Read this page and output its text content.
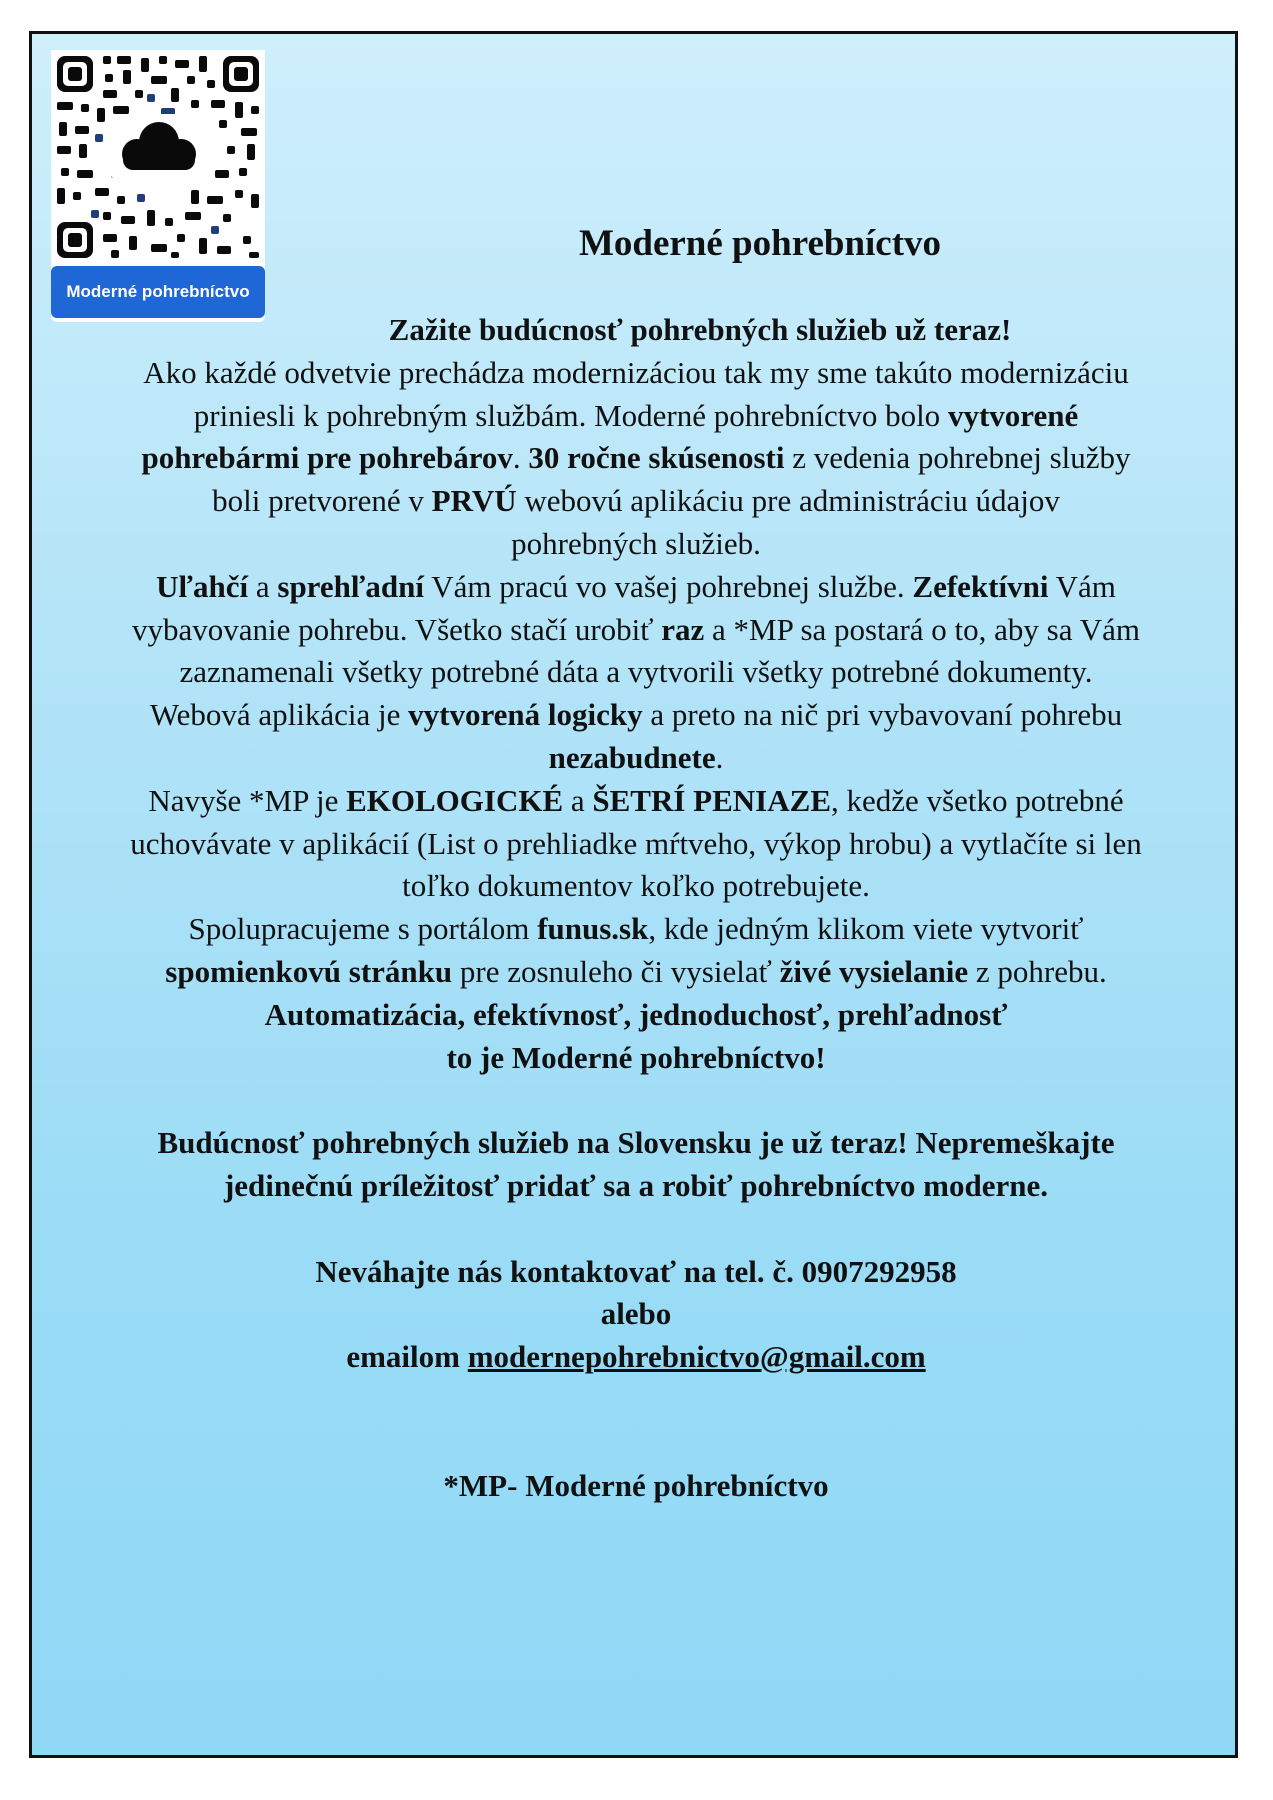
Moderné pohrebníctvo
Moderné pohrebníctvo
Zažite budúcnosť pohrebných služieb už teraz!
Ako každé odvetvie prechádza modernizáciou tak my sme takúto modernizáciu
priniesli k pohrebným službám. Moderné pohrebníctvo bolo vytvorené
pohrebármi pre pohrebárov. 30 ročne skúsenosti z vedenia pohrebnej služby
boli pretvorené v PRVÚ webovú aplikáciu pre administráciu údajov
pohrebných služieb.
Uľahčí a sprehľadní Vám pracú vo vašej pohrebnej službe. Zefektívni Vám
vybavovanie pohrebu. Všetko stačí urobiť raz a *MP sa postará o to, aby sa Vám
zaznamenali všetky potrebné dáta a vytvorili všetky potrebné dokumenty.
Webová aplikácia je vytvorená logicky a preto na nič pri vybavovaní pohrebu
nezabudnete.
Navyše *MP je EKOLOGICKÉ a ŠETRÍ PENIAZE, kedže všetko potrebné
uchovávate v aplikácií (List o prehliadke mŕtveho, výkop hrobu) a vytlačíte si len
toľko dokumentov koľko potrebujete.
Spolupracujeme s portálom funus.sk, kde jedným klikom viete vytvoriť
spomienkovú stránku pre zosnuleho či vysielať živé vysielanie z pohrebu.
Automatizácia, efektívnosť, jednoduchosť, prehľadnosť
to je Moderné pohrebníctvo!
Budúcnosť pohrebných služieb na Slovensku je už teraz! Nepremeškajte
jedinečnú príležitosť pridať sa a robiť pohrebníctvo moderne.
Neváhajte nás kontaktovať na tel. č. 0907292958
alebo
emailom modernepohrebnictvo@gmail.com
*MP- Moderné pohrebníctvo
